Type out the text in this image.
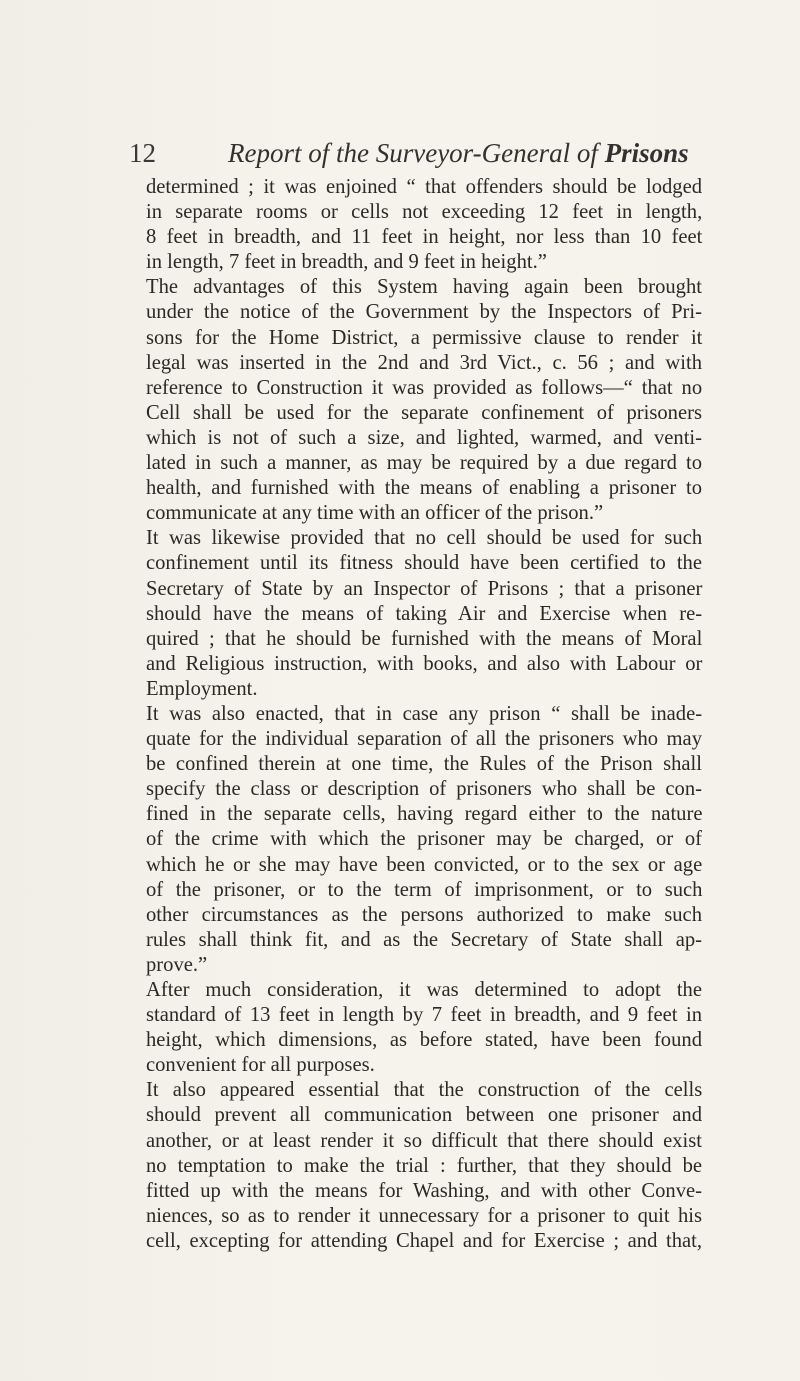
12	Report of the Surveyor-General of Prisons
determined ; it was enjoined “ that offenders should be lodged
in separate rooms or cells not exceeding 12 feet in length,
8 feet in breadth, and 11 feet in height, nor less than 10 feet
in length, 7 feet in breadth, and 9 feet in height.”
The advantages of this System having again been brought
under the notice of the Government by the Inspectors of Pri-
sons for the Home District, a permissive clause to render it
legal was inserted in the 2nd and 3rd Vict., c. 56 ; and with
reference to Construction it was provided as follows—“ that no
Cell shall be used for the separate confinement of prisoners
which is not of such a size, and lighted, warmed, and venti-
lated in such a manner, as may be required by a due regard to
health, and furnished with the means of enabling a prisoner to
communicate at any time with an officer of the prison.”
It was likewise provided that no cell should be used for such
confinement until its fitness should have been certified to the
Secretary of State by an Inspector of Prisons ; that a prisoner
should have the means of taking Air and Exercise when re-
quired ; that he should be furnished with the means of Moral
and Religious instruction, with books, and also with Labour or
Employment.
It was also enacted, that in case any prison “ shall be inade-
quate for the individual separation of all the prisoners who may
be confined therein at one time, the Rules of the Prison shall
specify the class or description of prisoners who shall be con-
fined in the separate cells, having regard either to the nature
of the crime with which the prisoner may be charged, or of
which he or she may have been convicted, or to the sex or age
of the prisoner, or to the term of imprisonment, or to such
other circumstances as the persons authorized to make such
rules shall think fit, and as the Secretary of State shall ap-
prove.”
After much consideration, it was determined to adopt the
standard of 13 feet in length by 7 feet in breadth, and 9 feet in
height, which dimensions, as before stated, have been found
convenient for all purposes.
It also appeared essential that the construction of the cells
should prevent all communication between one prisoner and
another, or at least render it so difficult that there should exist
no temptation to make the trial : further, that they should be
fitted up with the means for Washing, and with other Conve-
niences, so as to render it unnecessary for a prisoner to quit his
cell, excepting for attending Chapel and for Exercise ; and that,
